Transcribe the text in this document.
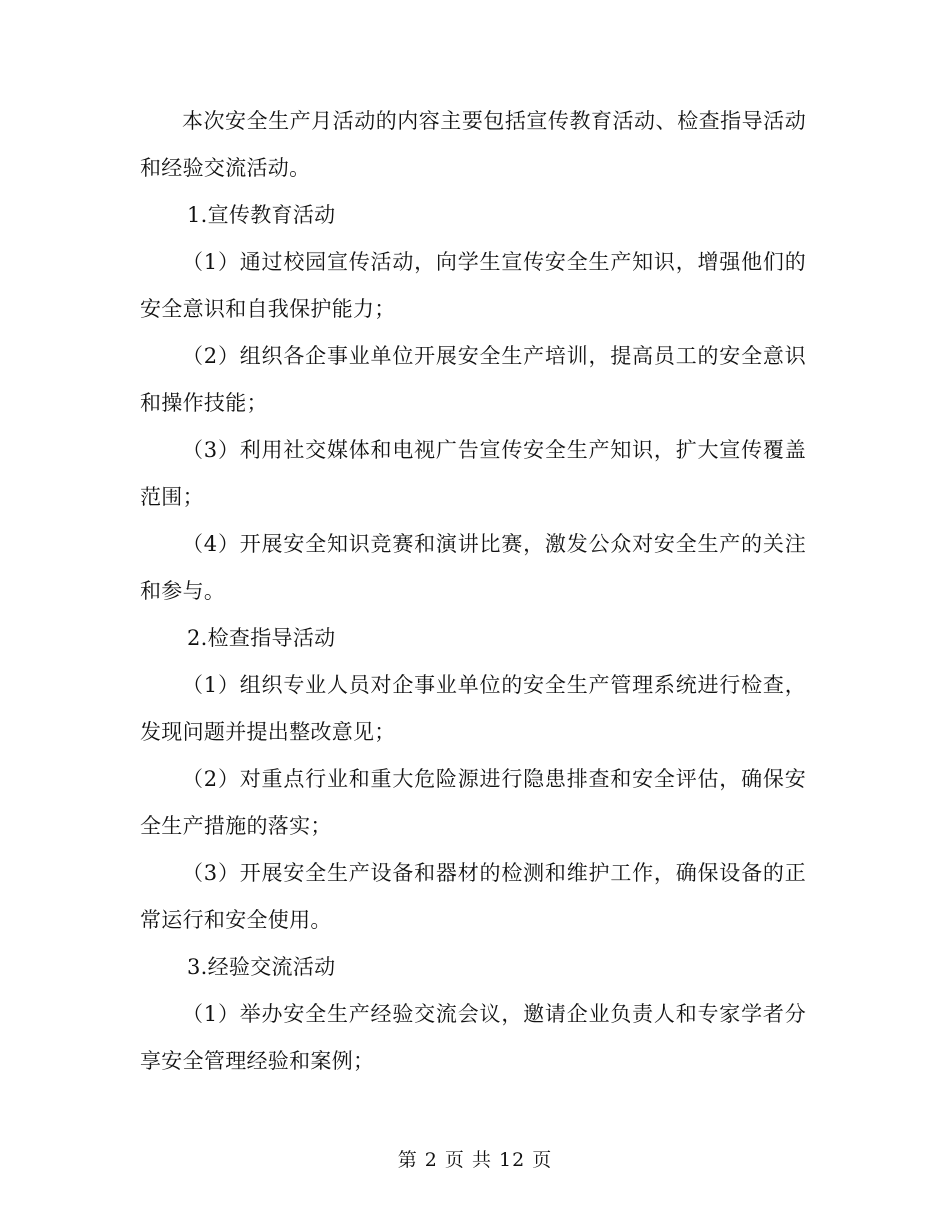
本次安全生产月活动的内容主要包括宣传教育活动、检查指导活动和经验交流活动。

1.宣传教育活动

（1）通过校园宣传活动，向学生宣传安全生产知识，增强他们的安全意识和自我保护能力；

（2）组织各企事业单位开展安全生产培训，提高员工的安全意识和操作技能；

（3）利用社交媒体和电视广告宣传安全生产知识，扩大宣传覆盖范围；

（4）开展安全知识竞赛和演讲比赛，激发公众对安全生产的关注和参与。

2.检查指导活动

（1）组织专业人员对企事业单位的安全生产管理系统进行检查，发现问题并提出整改意见；

（2）对重点行业和重大危险源进行隐患排查和安全评估，确保安全生产措施的落实；

（3）开展安全生产设备和器材的检测和维护工作，确保设备的正常运行和安全使用。

3.经验交流活动

（1）举办安全生产经验交流会议，邀请企业负责人和专家学者分享安全管理经验和案例；

第 2 页 共 12 页
